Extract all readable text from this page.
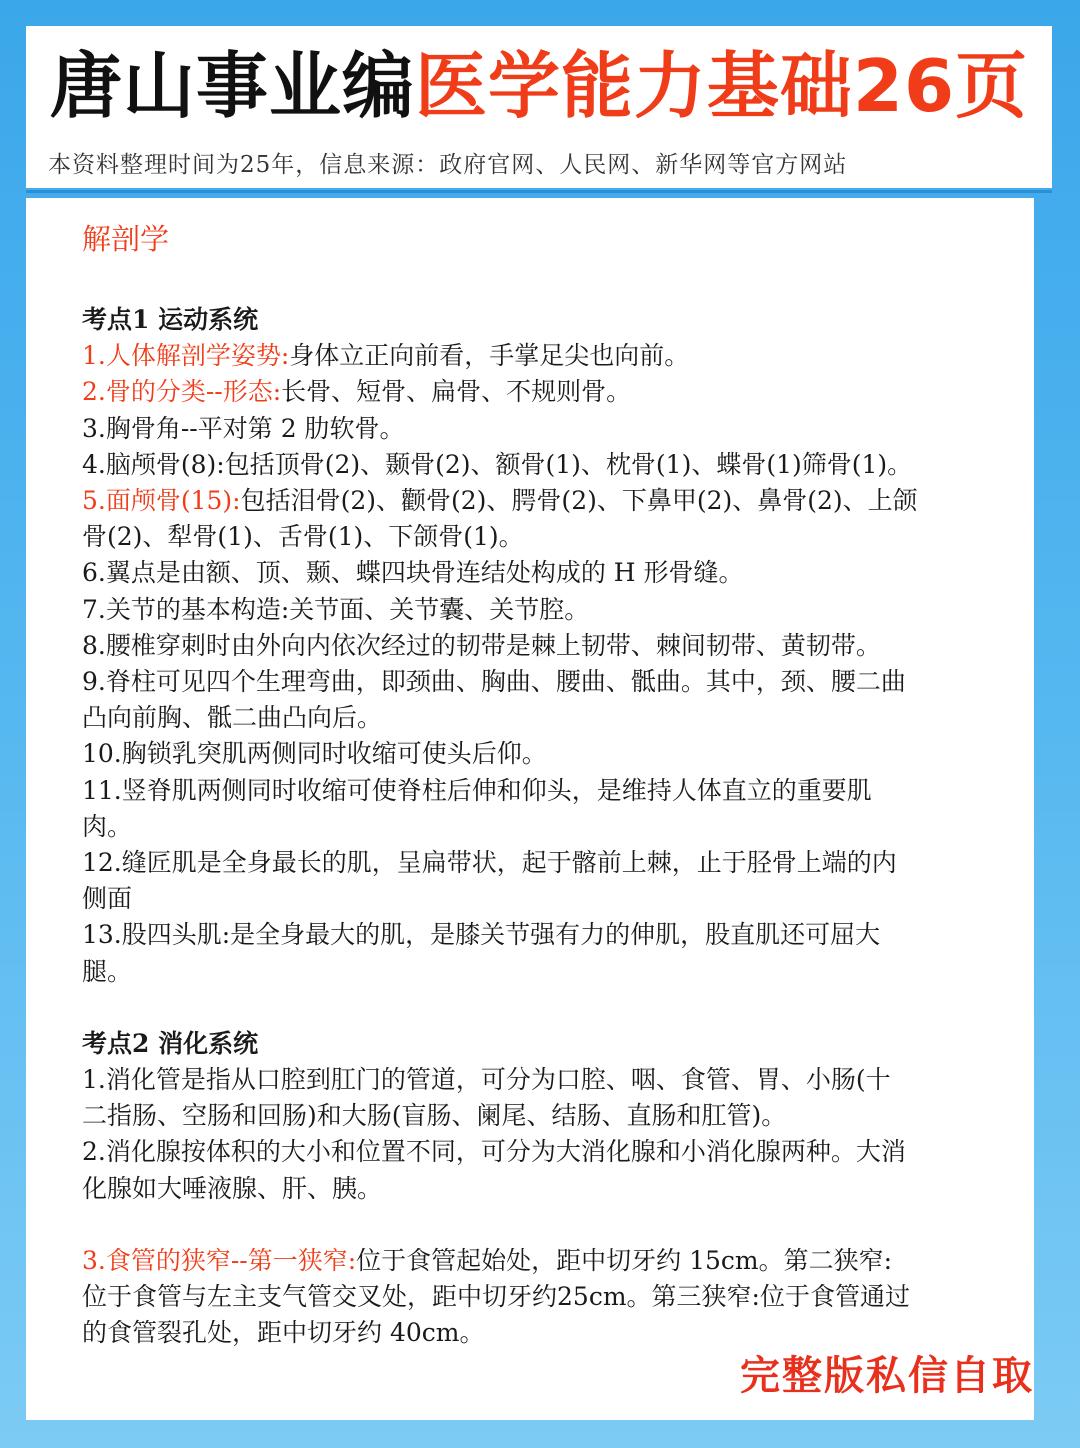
唐山事业编医学能力基础26页
本资料整理时间为25年，信息来源：政府官网、人民网、新华网等官方网站
解剖学
考点1 运动系统
1.人体解剖学姿势:身体立正向前看，手掌足尖也向前。
2.骨的分类--形态:长骨、短骨、扁骨、不规则骨。
3.胸骨角--平对第 2 肋软骨。
4.脑颅骨(8):包括顶骨(2)、颞骨(2)、额骨(1)、枕骨(1)、蝶骨(1)筛骨(1)。
5.面颅骨(15):包括泪骨(2)、颧骨(2)、腭骨(2)、下鼻甲(2)、鼻骨(2)、上颌
骨(2)、犁骨(1)、舌骨(1)、下颌骨(1)。
6.翼点是由额、顶、颞、蝶四块骨连结处构成的 H 形骨缝。
7.关节的基本构造:关节面、关节囊、关节腔。
8.腰椎穿刺时由外向内依次经过的韧带是棘上韧带、棘间韧带、黄韧带。
9.脊柱可见四个生理弯曲，即颈曲、胸曲、腰曲、骶曲。其中，颈、腰二曲
凸向前胸、骶二曲凸向后。
10.胸锁乳突肌两侧同时收缩可使头后仰。
11.竖脊肌两侧同时收缩可使脊柱后伸和仰头，是维持人体直立的重要肌
肉。
12.缝匠肌是全身最长的肌，呈扁带状，起于髂前上棘，止于胫骨上端的内
侧面
13.股四头肌:是全身最大的肌，是膝关节强有力的伸肌，股直肌还可屈大
腿。
考点2 消化系统
1.消化管是指从口腔到肛门的管道，可分为口腔、咽、食管、胃、小肠(十
二指肠、空肠和回肠)和大肠(盲肠、阑尾、结肠、直肠和肛管)。
2.消化腺按体积的大小和位置不同，可分为大消化腺和小消化腺两种。大消
化腺如大唾液腺、肝、胰。
3.食管的狭窄--第一狭窄:位于食管起始处，距中切牙约 15cm。第二狭窄:
位于食管与左主支气管交叉处，距中切牙约25cm。第三狭窄:位于食管通过
的食管裂孔处，距中切牙约 40cm。
完整版私信自取
